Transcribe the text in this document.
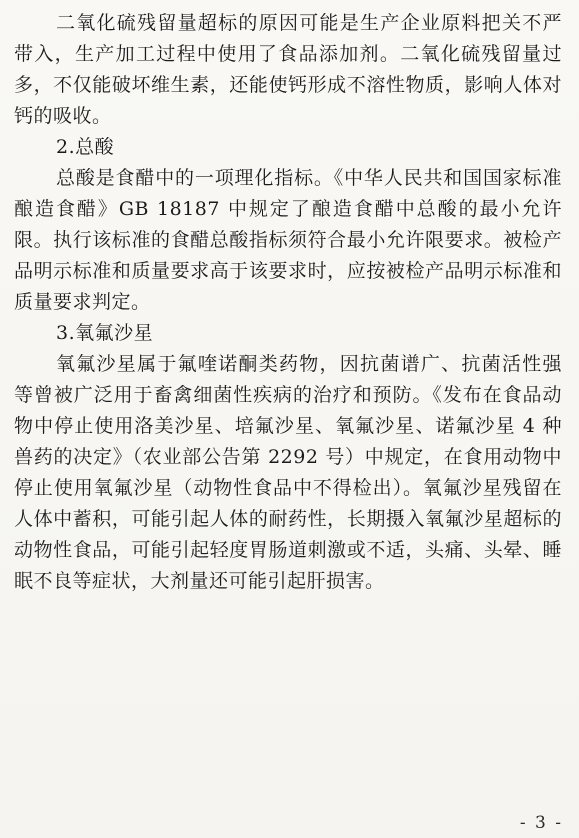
二氧化硫残留量超标的原因可能是生产企业原料把关不严带入，生产加工过程中使用了食品添加剂。二氧化硫残留量过多，不仅能破坏维生素，还能使钙形成不溶性物质，影响人体对钙的吸收。

2.总酸

总酸是食醋中的一项理化指标。《中华人民共和国国家标准 酿造食醋》GB 18187 中规定了酿造食醋中总酸的最小允许限。执行该标准的食醋总酸指标须符合最小允许限要求。被检产品明示标准和质量要求高于该要求时，应按被检产品明示标准和质量要求判定。

3.氧氟沙星

氧氟沙星属于氟喹诺酮类药物，因抗菌谱广、抗菌活性强等曾被广泛用于畜禽细菌性疾病的治疗和预防。《发布在食品动物中停止使用洛美沙星、培氟沙星、氧氟沙星、诺氟沙星 4 种兽药的决定》（农业部公告第 2292 号）中规定，在食用动物中停止使用氧氟沙星（动物性食品中不得检出）。氧氟沙星残留在人体中蓄积，可能引起人体的耐药性，长期摄入氧氟沙星超标的动物性食品，可能引起轻度胃肠道刺激或不适，头痛、头晕、睡眠不良等症状，大剂量还可能引起肝损害。

- 3 -
